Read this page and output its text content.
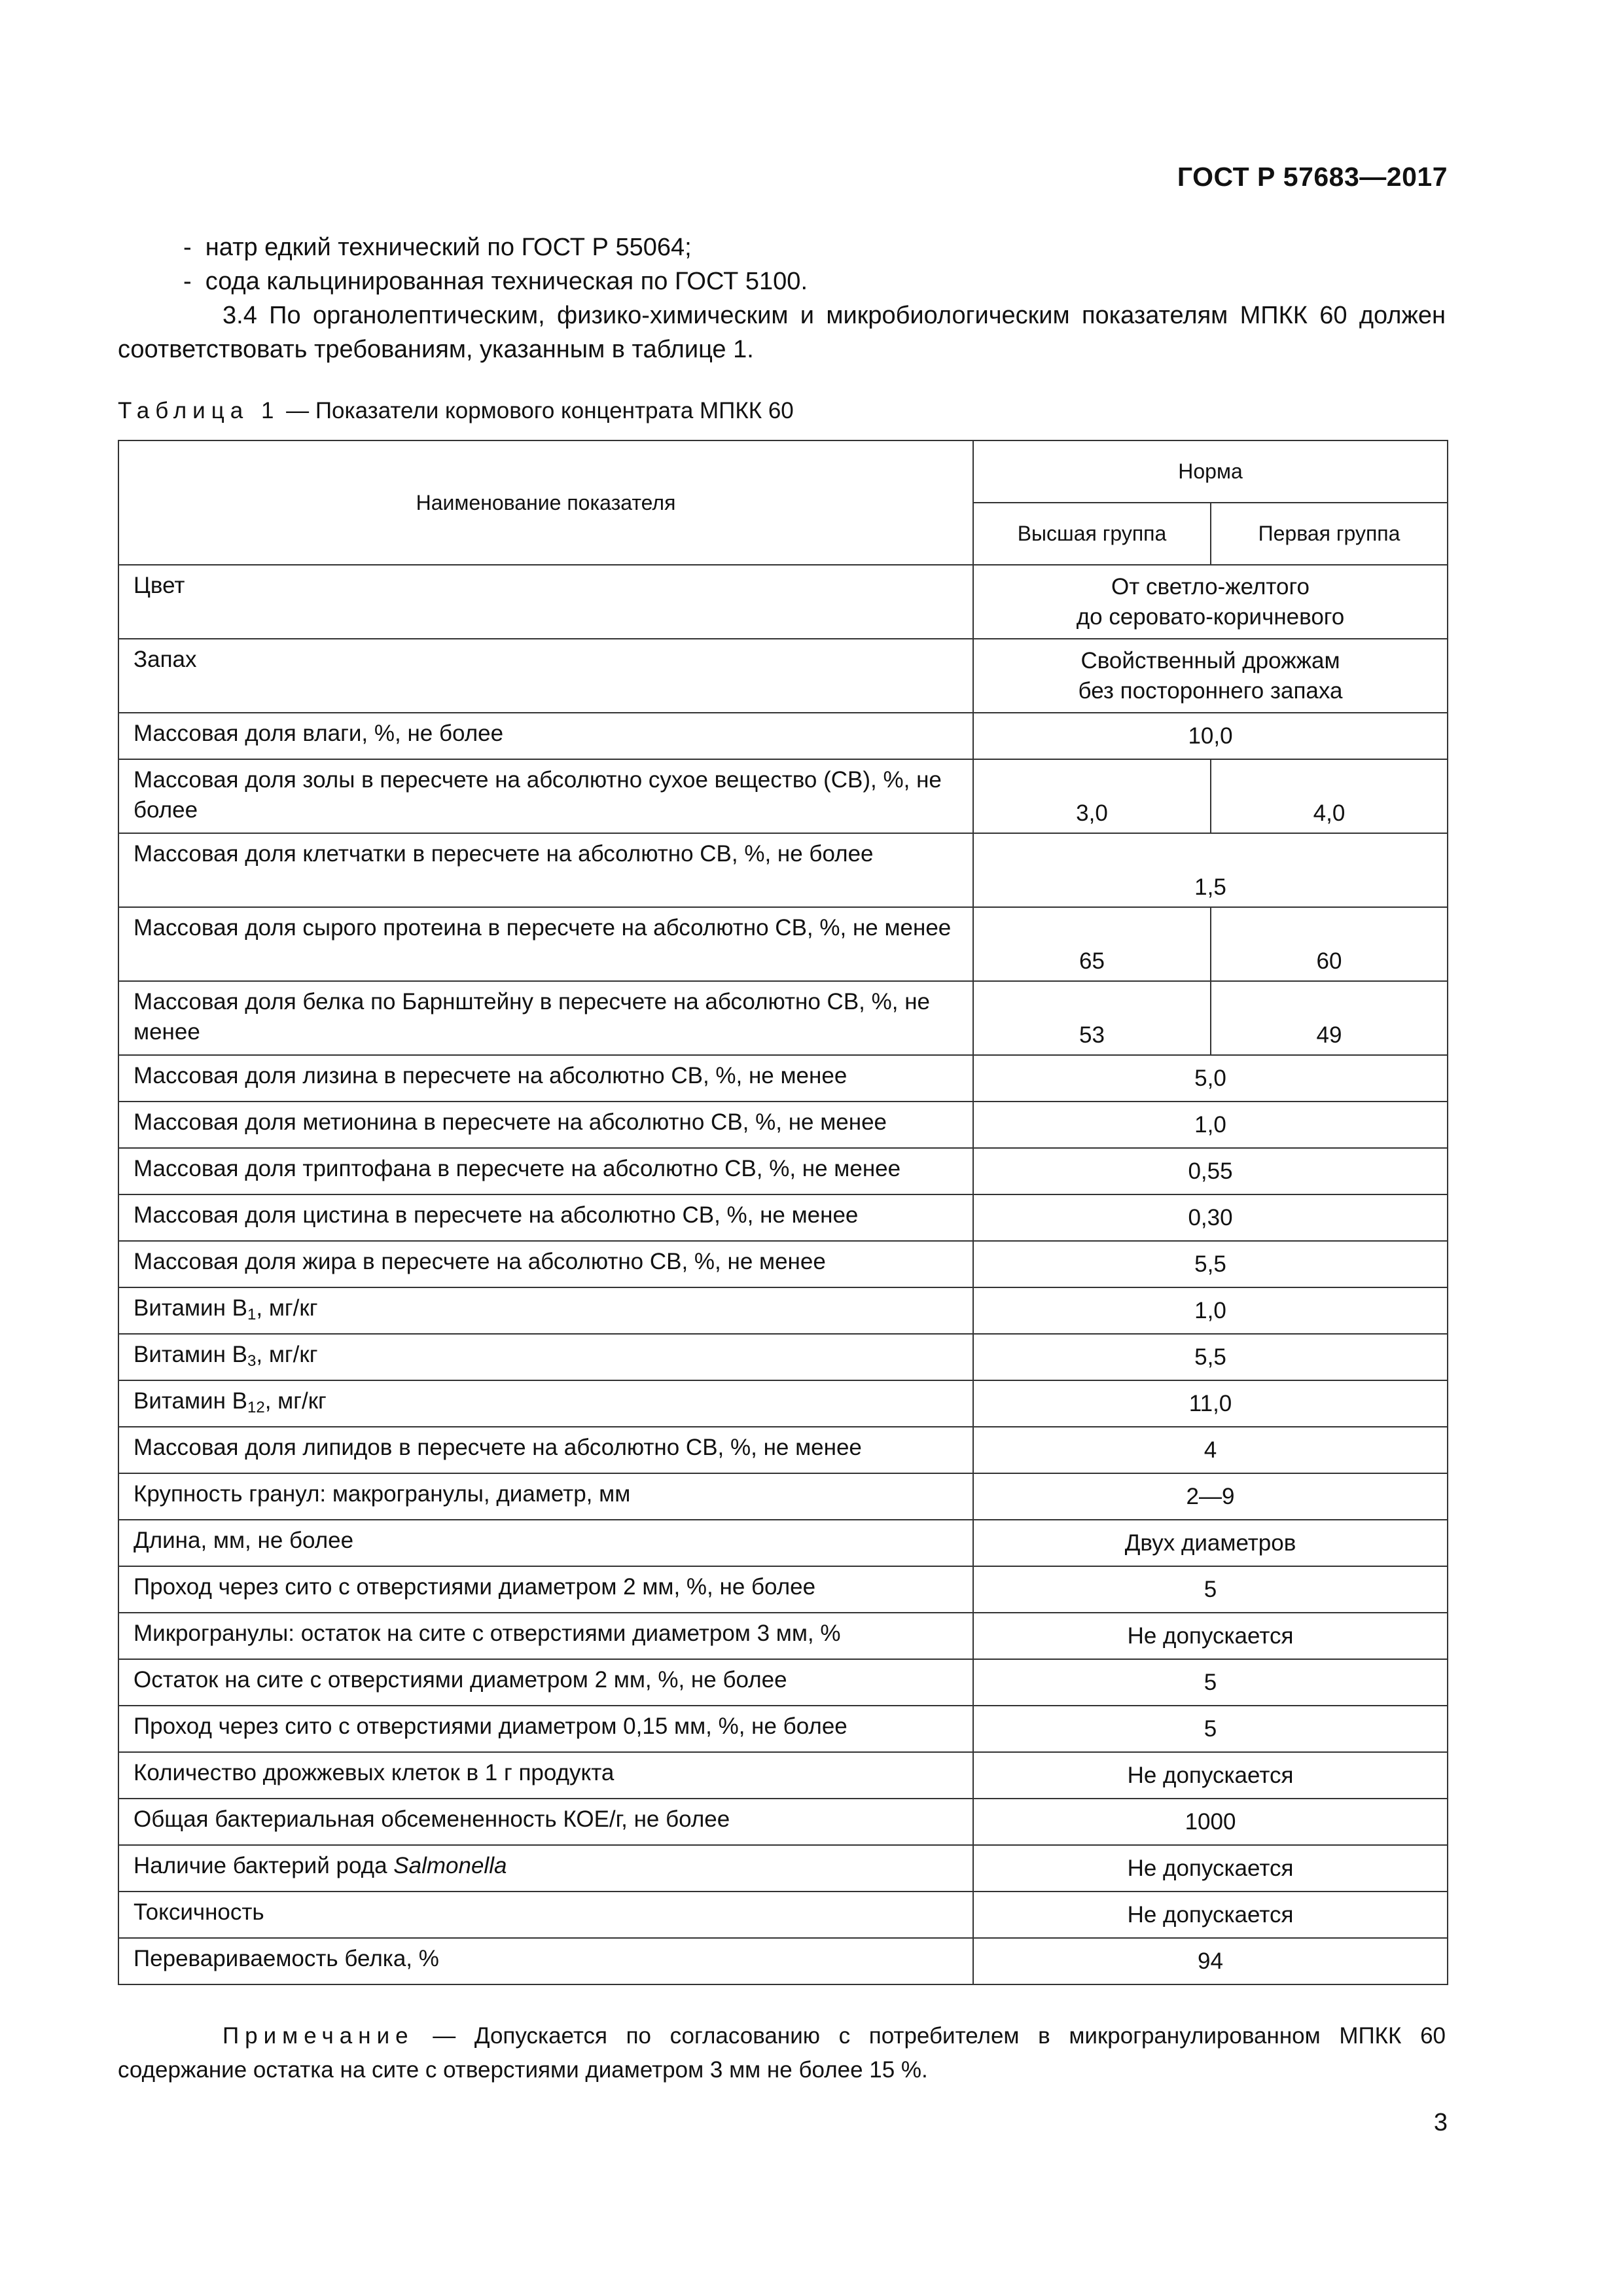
ГОСТ Р 57683—2017

-  натр едкий технический по ГОСТ Р 55064;

-  сода кальцинированная техническая по ГОСТ 5100.

3.4 По органолептическим, физико-химическим и микробиологическим показателям МПКК 60 должен соответствовать требованиям, указанным в таблице 1.

Таблица 1 — Показатели кормового концентрата МПКК 60
Наименование показателя	Норма	
	Высшая группа	Первая группа
Цвет	От светло-желтого
до серовато-коричневого	
Запах	Свойственный дрожжам
без постороннего запаха	
Массовая доля влаги, %, не более	10,0	
Массовая доля золы в пересчете на абсолютно сухое вещество (СВ), %, не более	3,0	4,0
Массовая доля клетчатки в пересчете на абсолютно СВ, %, не более	1,5	
Массовая доля сырого протеина в пересчете на абсолютно СВ, %, не менее	65	60
Массовая доля белка по Барнштейну в пересчете на абсолютно СВ, %, не менее	53	49
Массовая доля лизина в пересчете на абсолютно СВ, %, не менее	5,0	
Массовая доля метионина в пересчете на абсолютно СВ, %, не менее	1,0	
Массовая доля триптофана в пересчете на абсолютно СВ, %, не менее	0,55	
Массовая доля цистина в пересчете на абсолютно СВ, %, не менее	0,30	
Массовая доля жира в пересчете на абсолютно СВ, %, не менее	5,5	
Витамин $B_1$, мг/кг	1,0	
Витамин $B_3$, мг/кг	5,5	
Витамин $B_{12}$, мг/кг	11,0	
Массовая доля липидов в пересчете на абсолютно СВ, %, не менее	4	
Крупность гранул: макрогранулы, диаметр, мм	2—9	
Длина, мм, не более	Двух диаметров	
Проход через сито с отверстиями диаметром 2 мм, %, не более	5	
Микрогранулы: остаток на сите с отверстиями диаметром 3 мм, %	Не допускается	
Остаток на сите с отверстиями диаметром 2 мм, %, не более	5	
Проход через сито с отверстиями диаметром 0,15 мм, %, не более	5	
Количество дрожжевых клеток в 1 г продукта	Не допускается	
Общая бактериальная обсемененность КОЕ/г, не более	1000	
Наличие бактерий рода Salmonella	Не допускается	
Токсичность	Не допускается	
Перевариваемость белка, %	94	
Примечание — Допускается по согласованию с потребителем в микрогранулированном МПКК 60 содержание остатка на сите с отверстиями диаметром 3 мм не более 15 %.
3
